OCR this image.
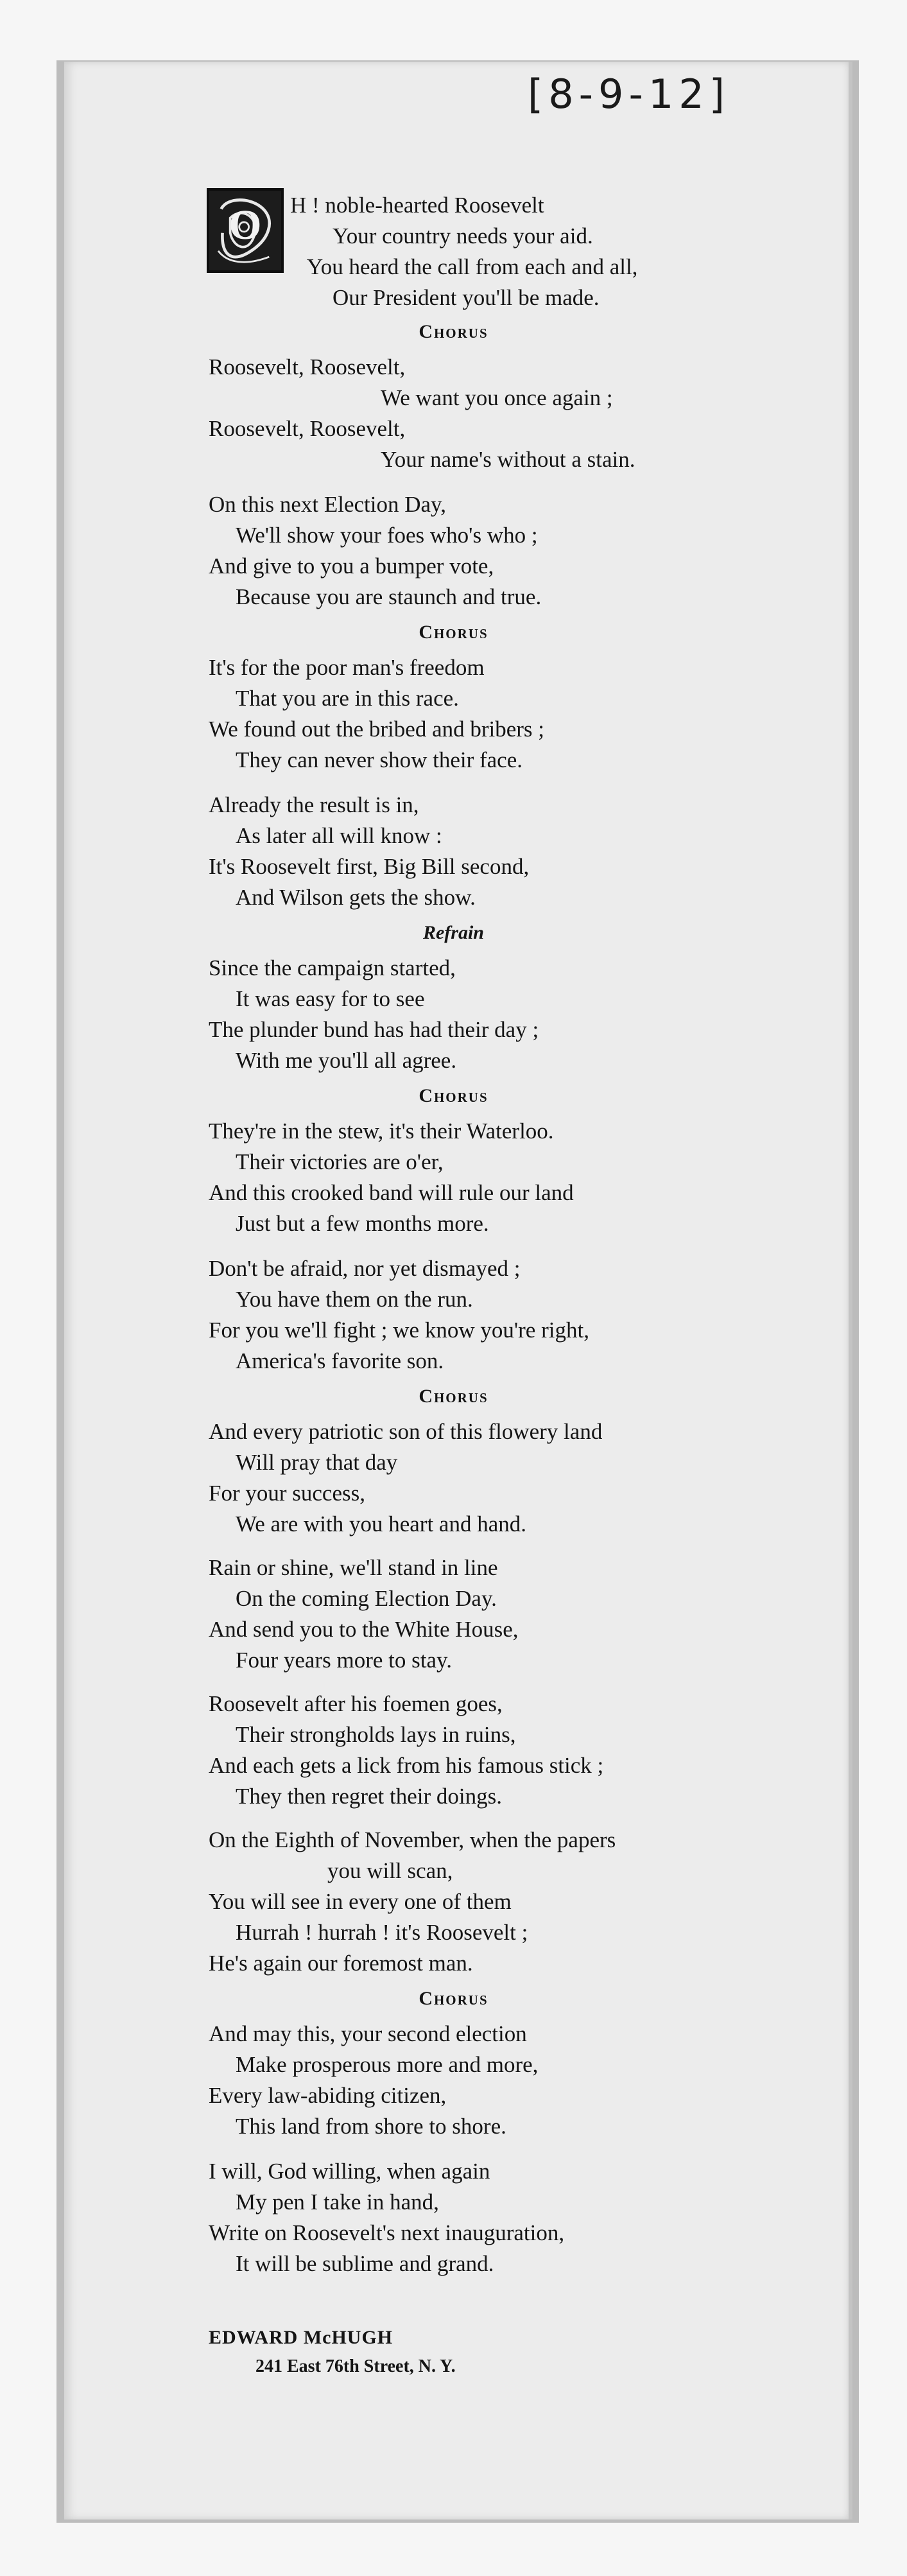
[8-9-12]
O H ! noble-hearted Roosevelt
Your country needs your aid.
You heard the call from each and all,
Our President you'll be made.
Chorus
Roosevelt, Roosevelt,
We want you once again ;
Roosevelt, Roosevelt,
Your name's without a stain.
On this next Election Day,
We'll show your foes who's who ;
And give to you a bumper vote,
Because you are staunch and true.
Chorus
It's for the poor man's freedom
That you are in this race.
We found out the bribed and bribers ;
They can never show their face.
Already the result is in,
As later all will know :
It's Roosevelt first, Big Bill second,
And Wilson gets the show.
Refrain
Since the campaign started,
It was easy for to see
The plunder bund has had their day ;
With me you'll all agree.
Chorus
They're in the stew, it's their Waterloo.
Their victories are o'er,
And this crooked band will rule our land
Just but a few months more.
Don't be afraid, nor yet dismayed ;
You have them on the run.
For you we'll fight ; we know you're right,
America's favorite son.
Chorus
And every patriotic son of this flowery land
Will pray that day
For your success,
We are with you heart and hand.
Rain or shine, we'll stand in line
On the coming Election Day.
And send you to the White House,
Four years more to stay.
Roosevelt after his foemen goes,
Their strongholds lays in ruins,
And each gets a lick from his famous stick ;
They then regret their doings.
On the Eighth of November, when the papers
you will scan,
You will see in every one of them
Hurrah ! hurrah ! it's Roosevelt ;
He's again our foremost man.
Chorus
And may this, your second election
Make prosperous more and more,
Every law-abiding citizen,
This land from shore to shore.
I will, God willing, when again
My pen I take in hand,
Write on Roosevelt's next inauguration,
It will be sublime and grand.
EDWARD McHUGH
241 East 76th Street, N. Y.
